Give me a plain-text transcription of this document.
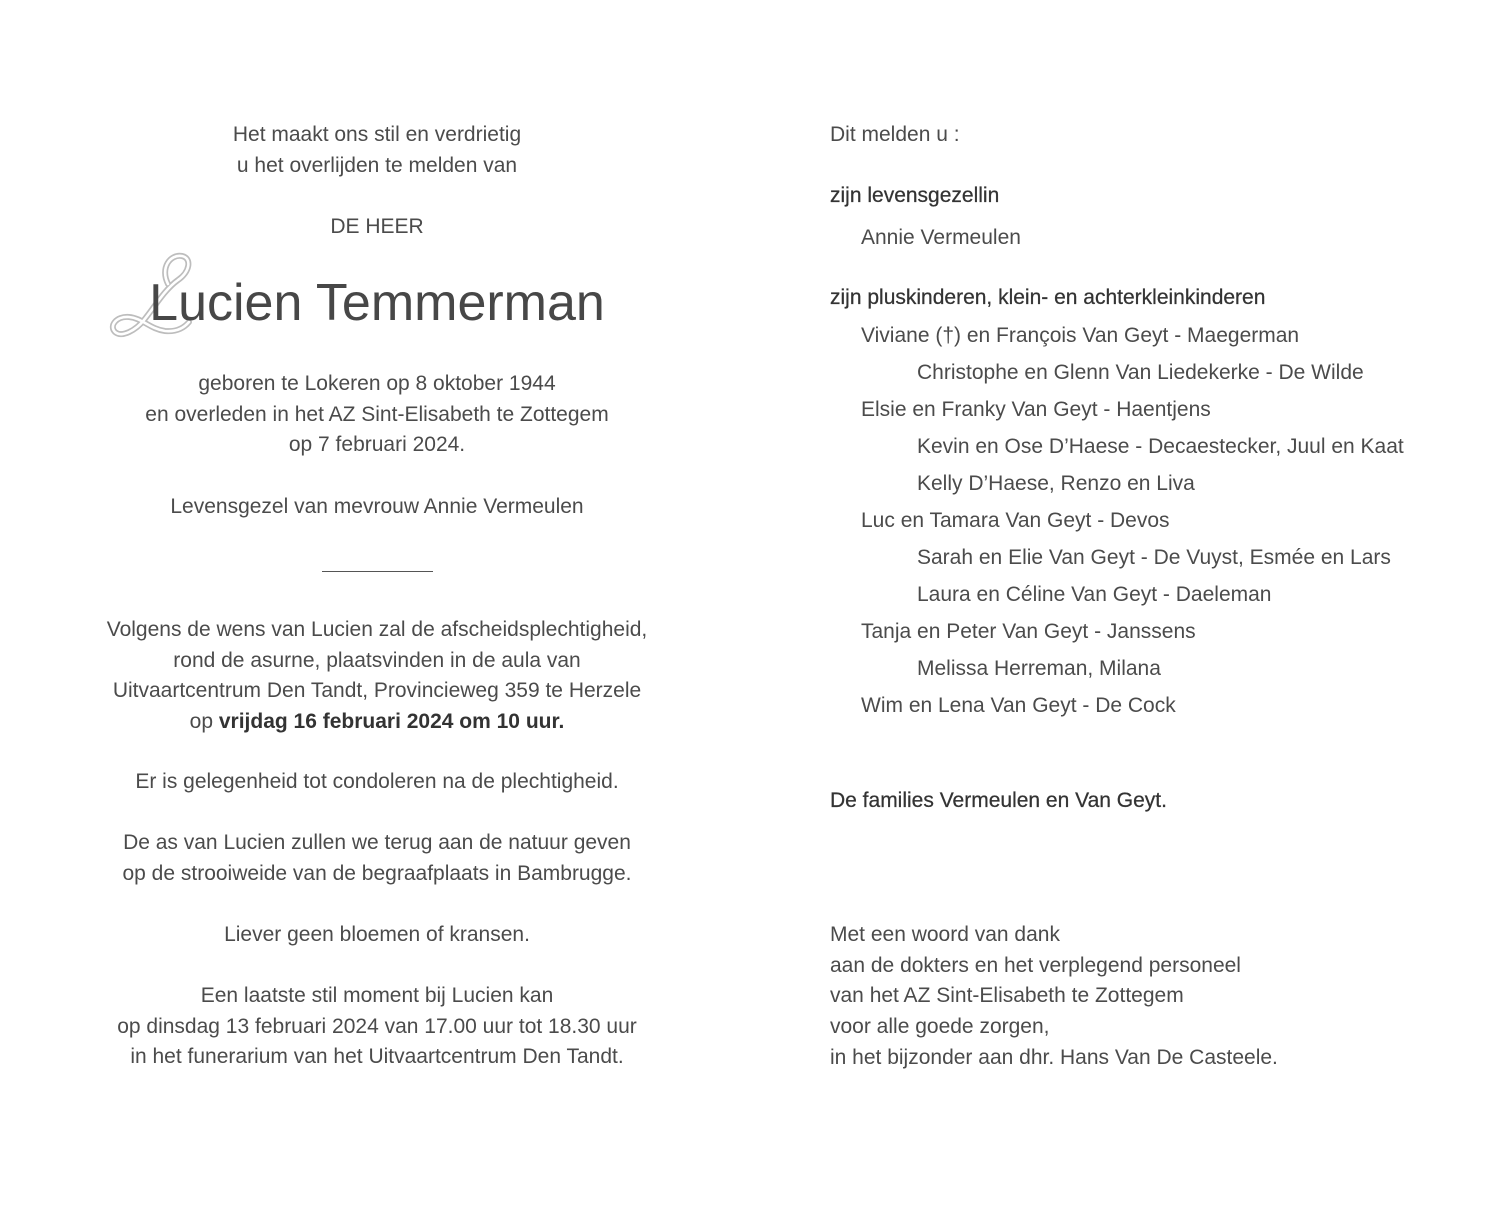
Het maakt ons stil en verdrietig
u het overlijden te melden van
DE HEER
Lucien Temmerman
geboren te Lokeren op 8 oktober 1944
en overleden in het AZ Sint-Elisabeth te Zottegem
op 7 februari 2024.
Levensgezel van mevrouw Annie Vermeulen
Volgens de wens van Lucien zal de afscheidsplechtigheid,
rond de asurne, plaatsvinden in de aula van
Uitvaartcentrum Den Tandt, Provincieweg 359 te Herzele
op vrijdag 16 februari 2024 om 10 uur.
Er is gelegenheid tot condoleren na de plechtigheid.
De as van Lucien zullen we terug aan de natuur geven
op de strooiweide van de begraafplaats in Bambrugge.
Liever geen bloemen of kransen.
Een laatste stil moment bij Lucien kan
op dinsdag 13 februari 2024 van 17.00 uur tot 18.30 uur
in het funerarium van het Uitvaartcentrum Den Tandt.
Dit melden u :
zijn levensgezellin
Annie Vermeulen
zijn pluskinderen, klein- en achterkleinkinderen
Viviane (†) en François Van Geyt - Maegerman
Christophe en Glenn Van Liedekerke - De Wilde
Elsie en Franky Van Geyt - Haentjens
Kevin en Ose D’Haese - Decaestecker, Juul en Kaat
Kelly D’Haese, Renzo en Liva
Luc en Tamara Van Geyt - Devos
Sarah en Elie Van Geyt - De Vuyst, Esmée en Lars
Laura en Céline Van Geyt - Daeleman
Tanja en Peter Van Geyt - Janssens
Melissa Herreman, Milana
Wim en Lena Van Geyt - De Cock
De families Vermeulen en Van Geyt.
Met een woord van dank
aan de dokters en het verplegend personeel
van het AZ Sint-Elisabeth te Zottegem
voor alle goede zorgen,
in het bijzonder aan dhr. Hans Van De Casteele.
